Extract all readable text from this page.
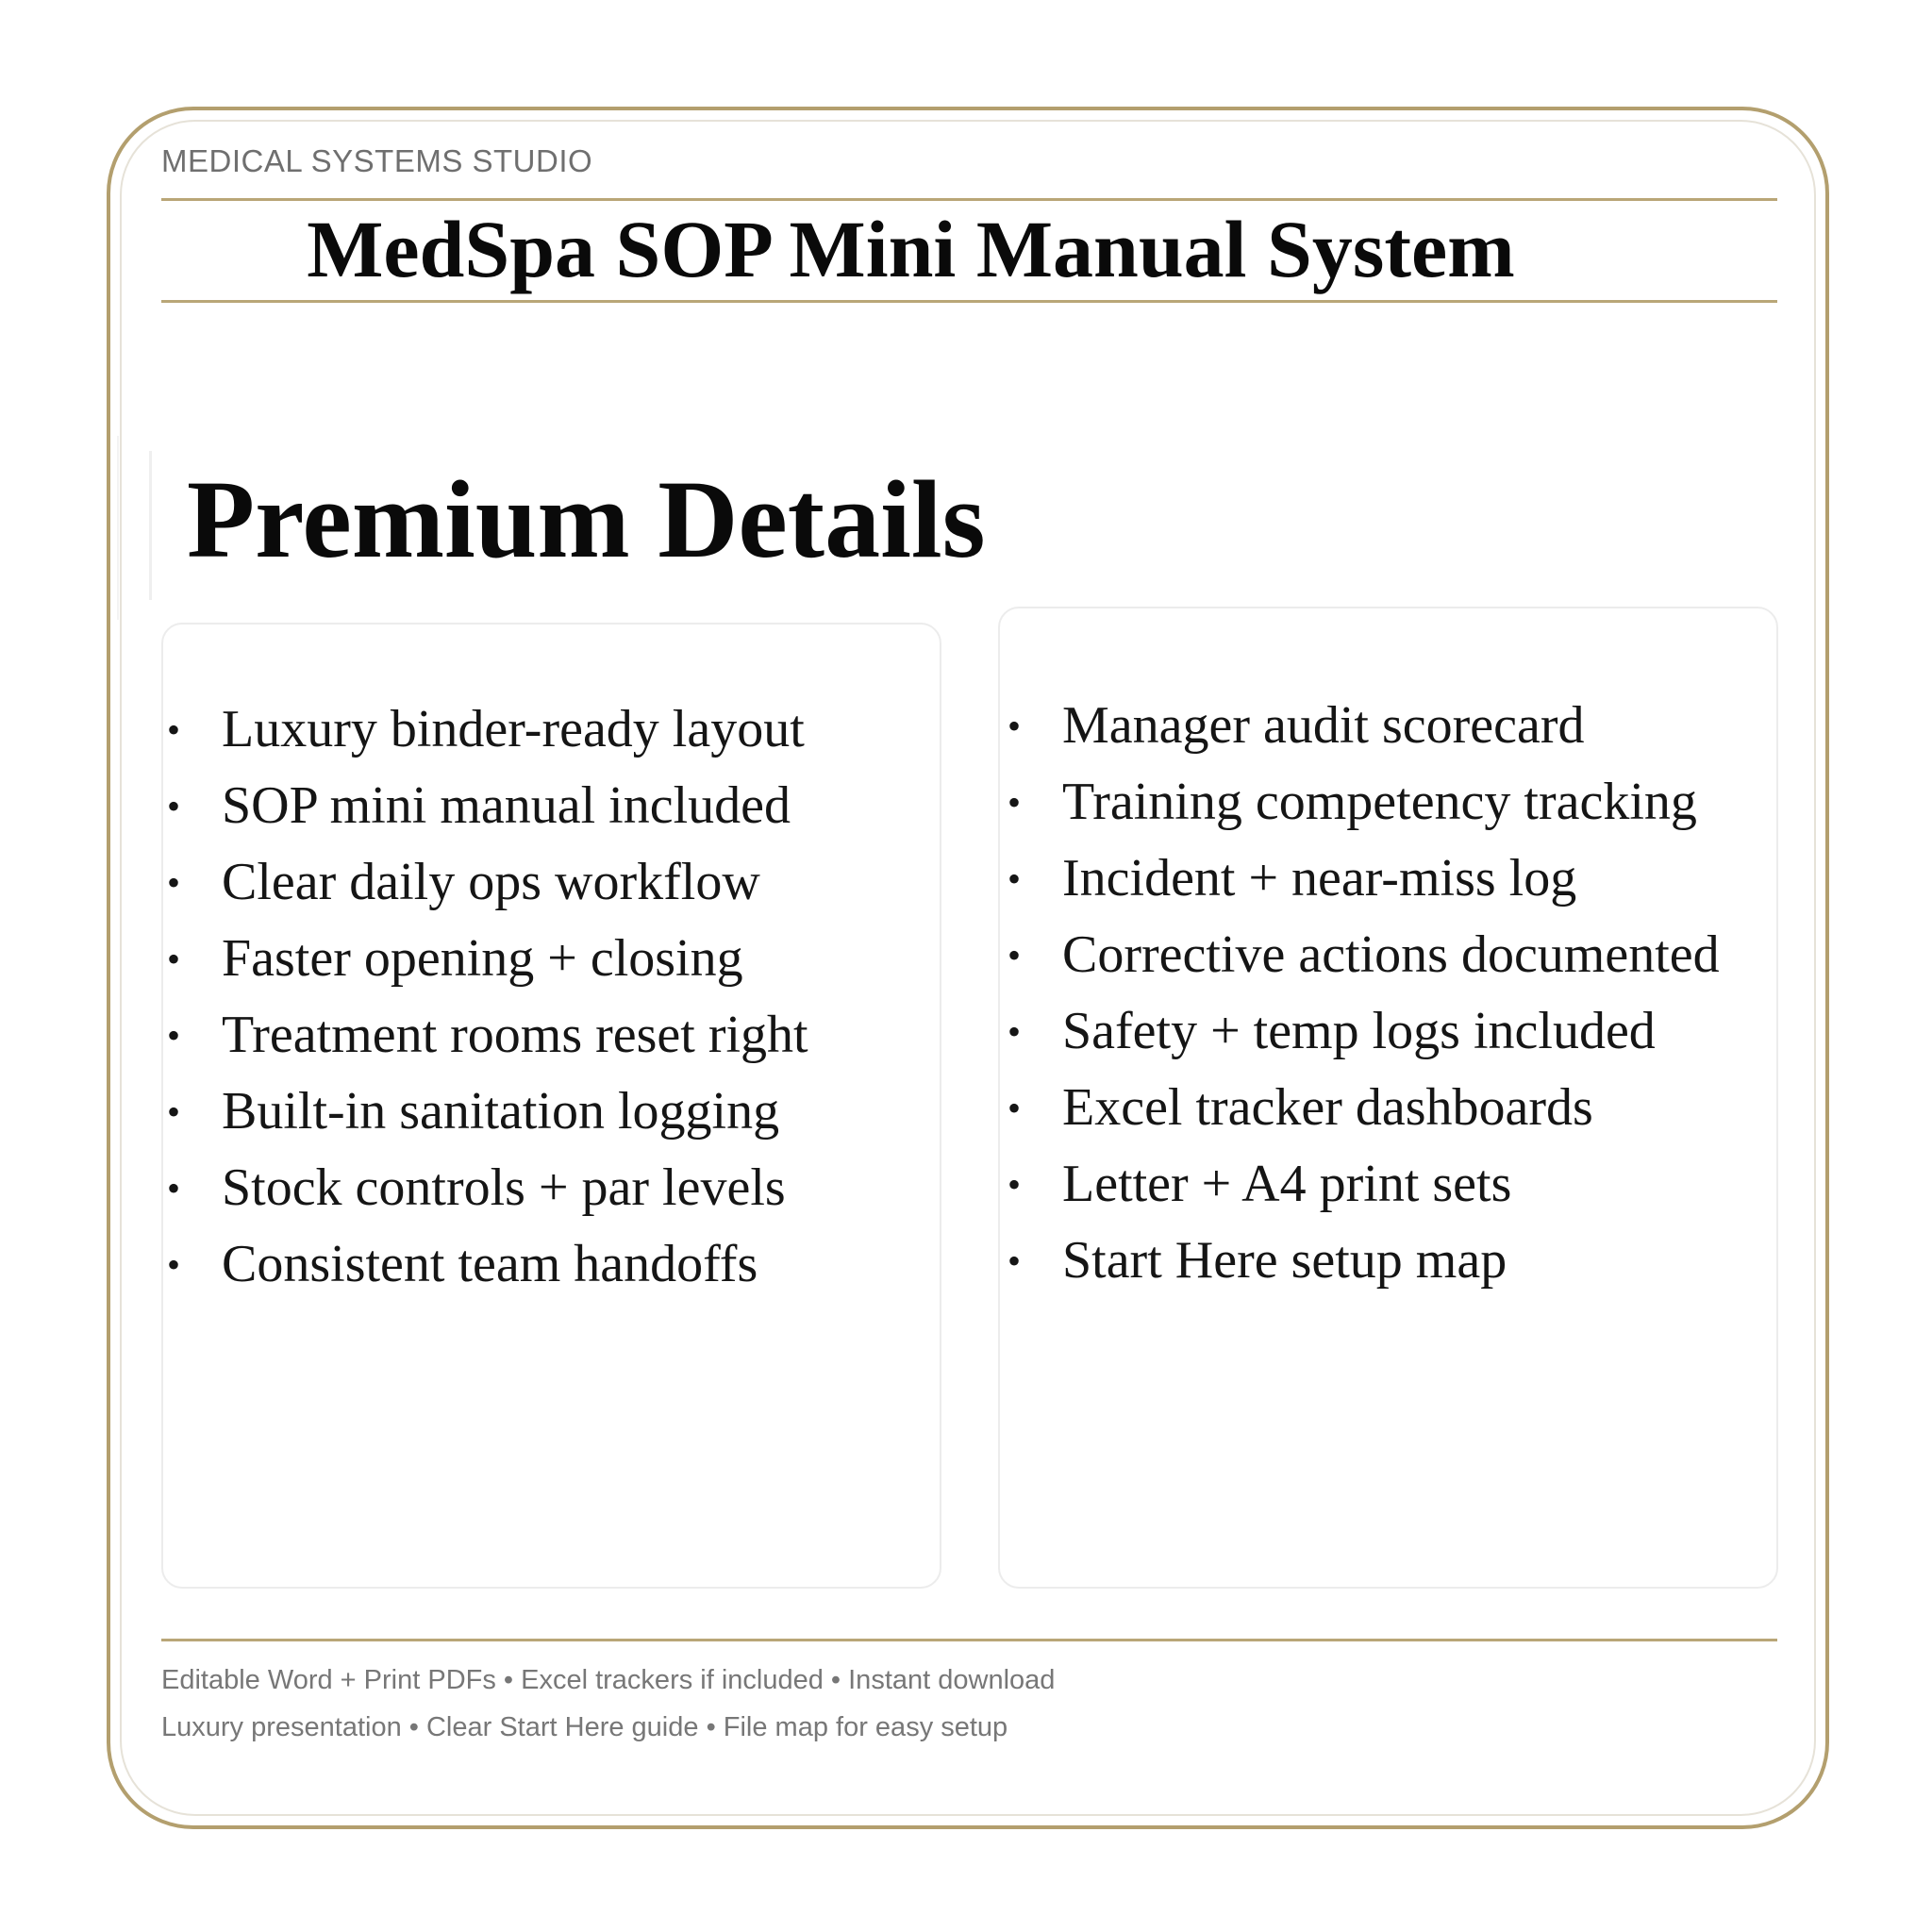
MEDICAL SYSTEMS STUDIO
MedSpa SOP Mini Manual System
Premium Details
• Luxury binder-ready layout
• SOP mini manual included
• Clear daily ops workflow
• Faster opening + closing
• Treatment rooms reset right
• Built-in sanitation logging
• Stock controls + par levels
• Consistent team handoffs
• Manager audit scorecard
• Training competency tracking
• Incident + near-miss log
• Corrective actions documented
• Safety + temp logs included
• Excel tracker dashboards
• Letter + A4 print sets
• Start Here setup map
Editable Word + Print PDFs • Excel trackers if included • Instant download
Luxury presentation • Clear Start Here guide • File map for easy setup
